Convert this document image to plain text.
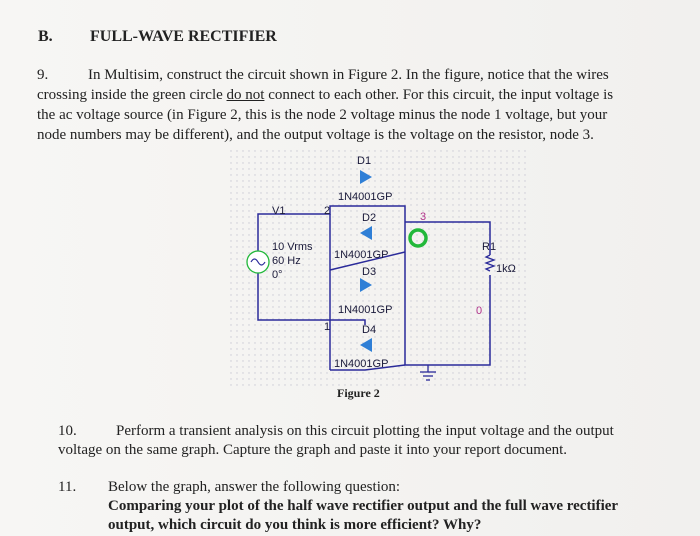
B. FULL-WAVE RECTIFIER
9.	In Multisim, construct the circuit shown in Figure 2. In the figure, notice that the wires
crossing inside the green circle do not connect to each other. For this circuit, the input voltage is
the ac voltage source (in Figure 2, this is the node 2 voltage minus the node 1 voltage, but your
node numbers may be different), and the output voltage is the voltage on the resistor, node 3.
D1
1N4001GP
D2
1N4001GP
D3
1N4001GP
D4
1N4001GP
V1
10 Vrms
60 Hz
0°
2
1
3
0
R1
1kΩ
Figure 2
10.	Perform a transient analysis on this circuit plotting the input voltage and the output
voltage on the same graph. Capture the graph and paste it into your report document.
11. Below the graph, answer the following question:
Comparing your plot of the half wave rectifier output and the full wave rectifier
output, which circuit do you think is more efficient? Why?
